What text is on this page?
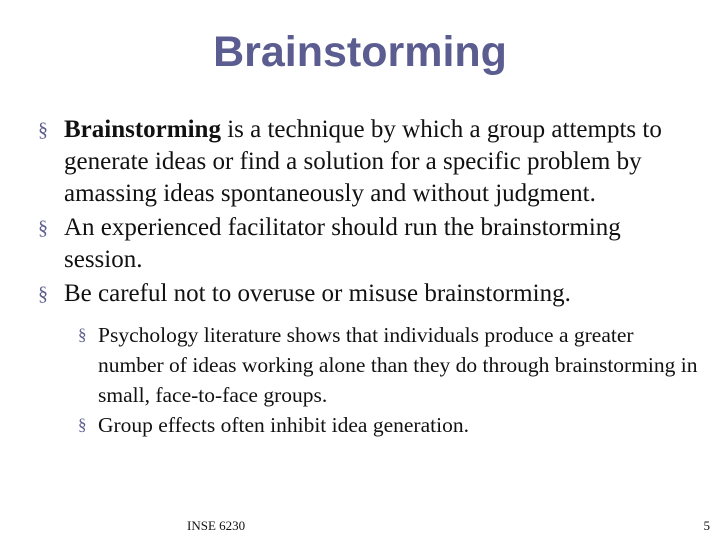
Brainstorming
§ Brainstorming is a technique by which a group attempts to generate ideas or find a solution for a specific problem by amassing ideas spontaneously and without judgment.
§ An experienced facilitator should run the brainstorming session.
§ Be careful not to overuse or misuse brainstorming.
§ Psychology literature shows that individuals produce a greater number of ideas working alone than they do through brainstorming in small, face-to-face groups.
§ Group effects often inhibit idea generation.
INSE 6230	5
